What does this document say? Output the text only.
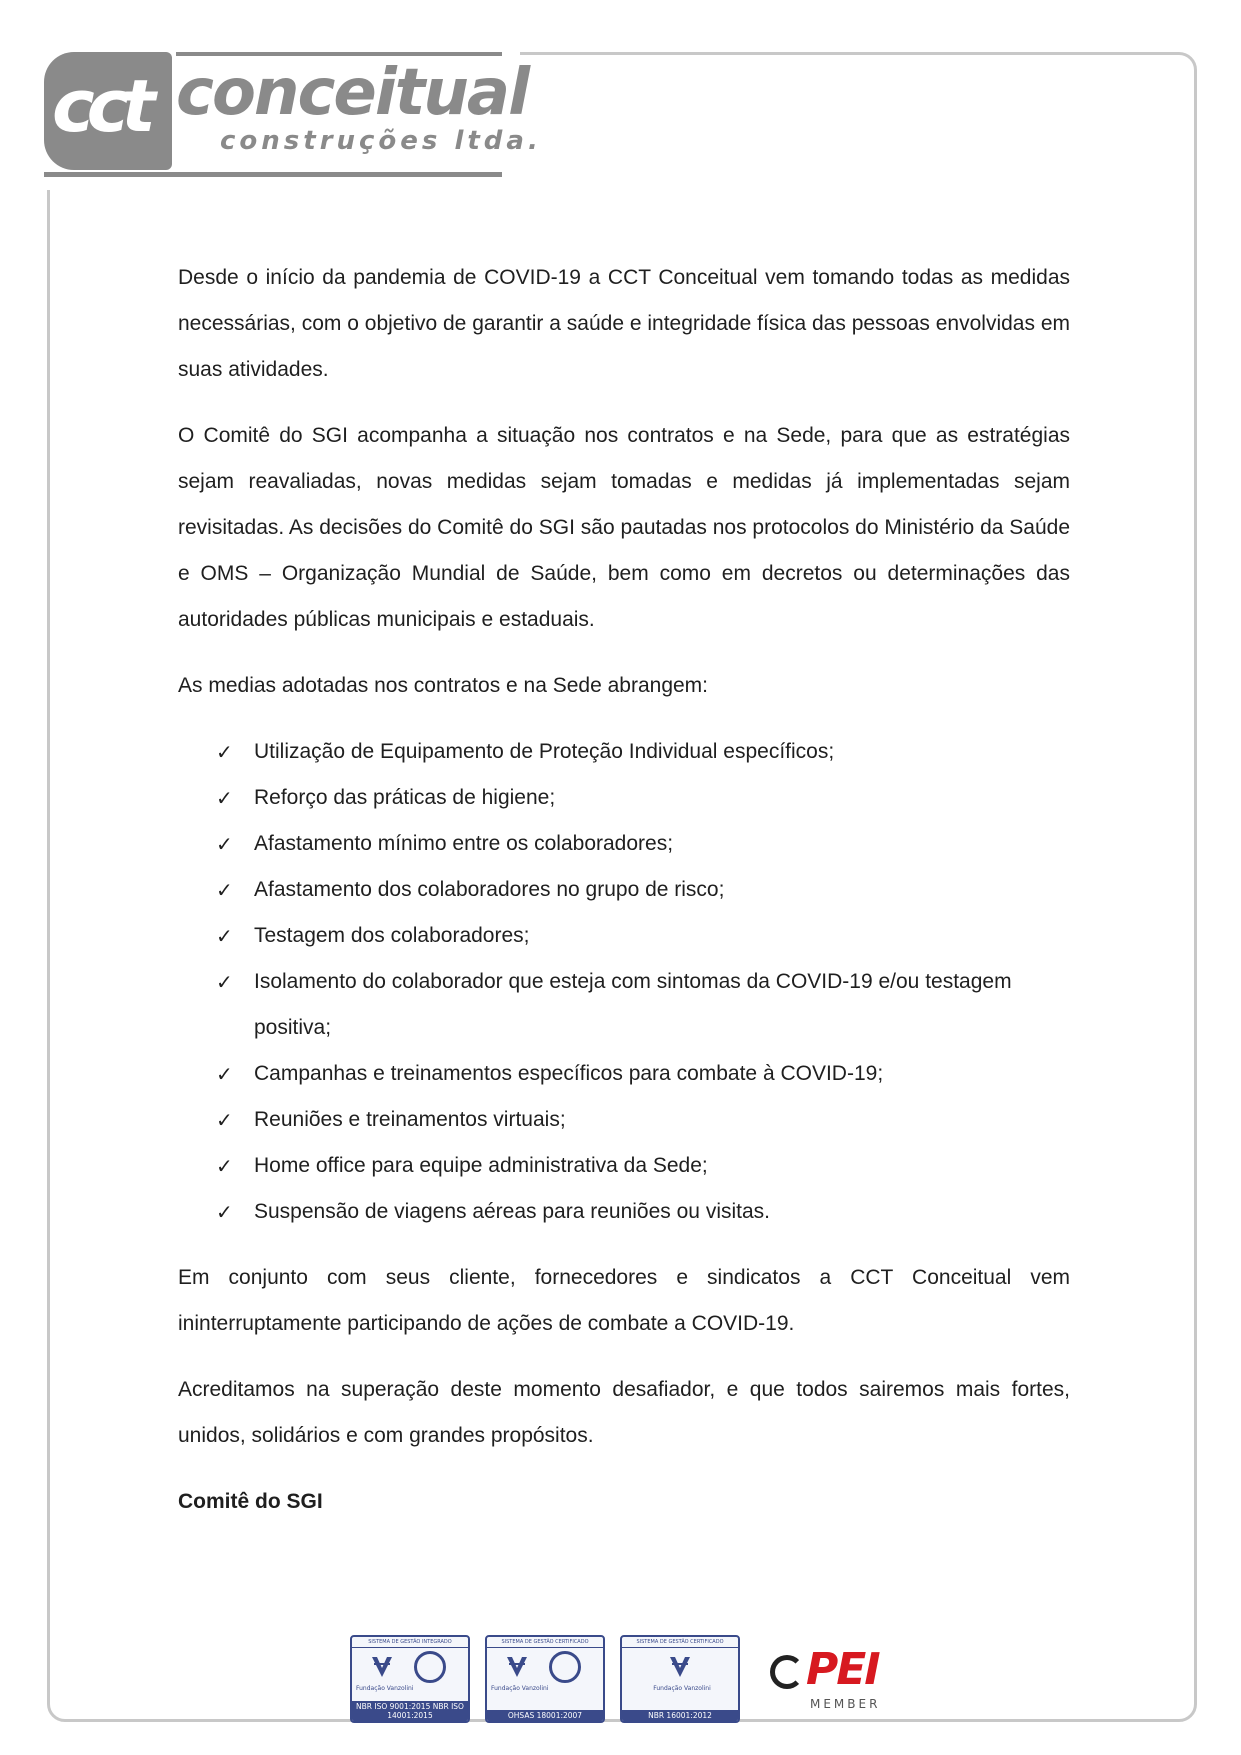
cct conceitual
construções ltda.

Desde o início da pandemia de COVID-19 a CCT Conceitual vem tomando todas as medidas necessárias, com o objetivo de garantir a saúde e integridade física das pessoas envolvidas em suas atividades.

O Comitê do SGI acompanha a situação nos contratos e na Sede, para que as estratégias sejam reavaliadas, novas medidas sejam tomadas e medidas já implementadas sejam revisitadas. As decisões do Comitê do SGI são pautadas nos protocolos do Ministério da Saúde e OMS – Organização Mundial de Saúde, bem como em decretos ou determinações das autoridades públicas municipais e estaduais.

As medias adotadas nos contratos e na Sede abrangem:

✓ Utilização de Equipamento de Proteção Individual específicos;
✓ Reforço das práticas de higiene;
✓ Afastamento mínimo entre os colaboradores;
✓ Afastamento dos colaboradores no grupo de risco;
✓ Testagem dos colaboradores;
✓ Isolamento do colaborador que esteja com sintomas da COVID-19 e/ou testagem positiva;
✓ Campanhas e treinamentos específicos para combate à COVID-19;
✓ Reuniões e treinamentos virtuais;
✓ Home office para equipe administrativa da Sede;
✓ Suspensão de viagens aéreas para reuniões ou visitas.

Em conjunto com seus cliente, fornecedores e sindicatos a CCT Conceitual vem ininterruptamente participando de ações de combate a COVID-19.

Acreditamos na superação deste momento desafiador, e que todos sairemos mais fortes, unidos, solidários e com grandes propósitos.

Comitê do SGI

SISTEMA DE GESTÃO INTEGRADO
Fundação Vanzolini
NBR ISO 9001:2015 NBR ISO 14001:2015
SISTEMA DE GESTÃO CERTIFICADO
Fundação Vanzolini
OHSAS 18001:2007
SISTEMA DE GESTÃO CERTIFICADO
Fundação Vanzolini
NBR 16001:2012
PEI
MEMBER
